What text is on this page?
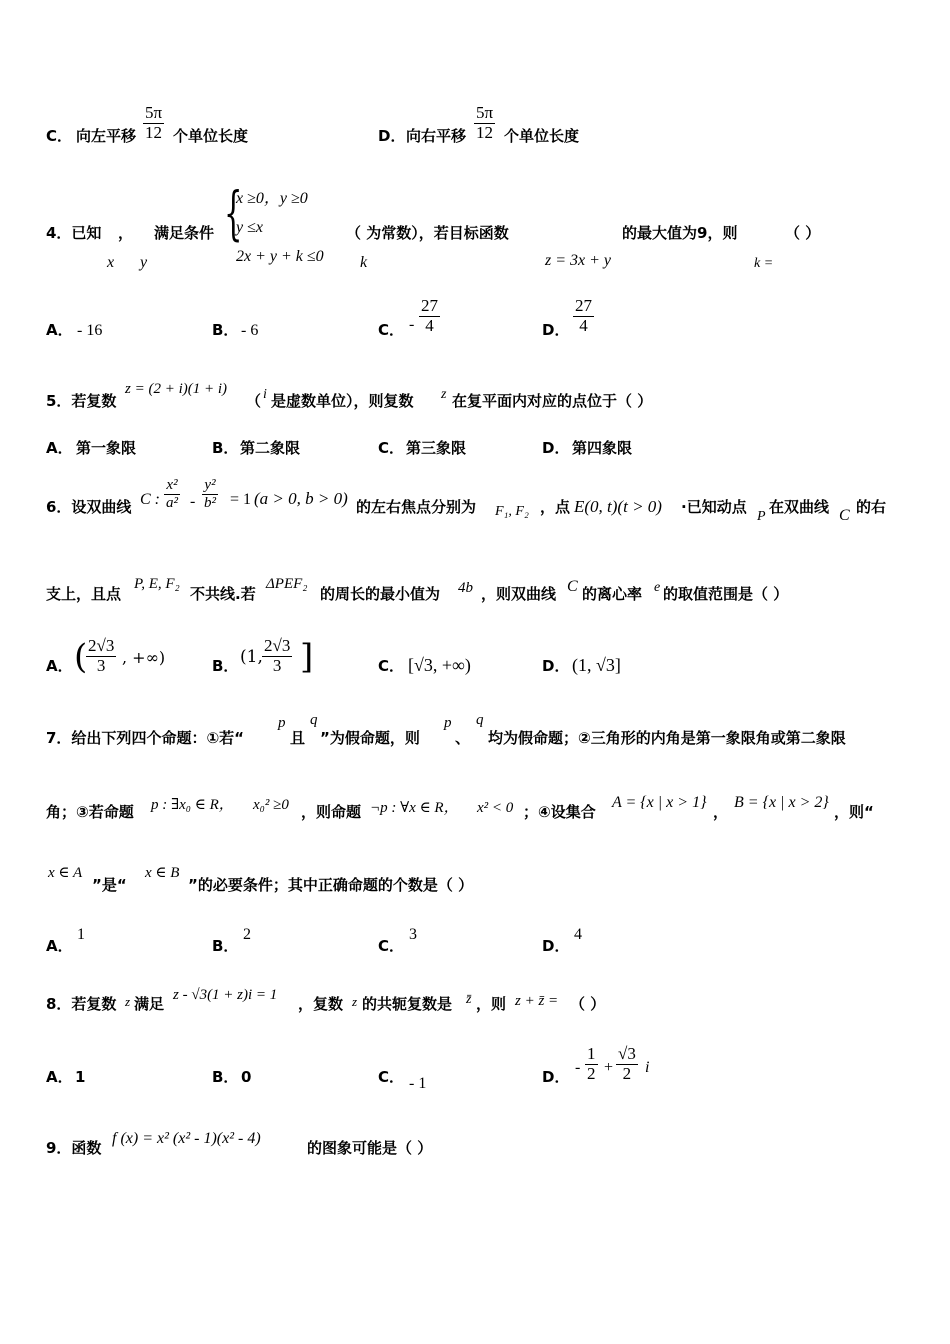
C． 向左平移 $\frac{5\pi}{12}$ 个单位长度	D． 向右平移 $\frac{5\pi}{12}$ 个单位长度
4．已知
x
，
y
满足条件 {
x ≥0，y ≥0
y ≤x
2x + y + k ≤0
（ 为常数），若目标函数
k	z = 3x + y
的最大值为9，则
k =
（ ）
A． - 16	B． - 6	C． - $\frac{27}{4}$	D． $\frac{27}{4}$
5．若复数
z = (2 + i)(1 + i)
（ i 是虚数单位），则复数 z 在复平面内对应的点位于（ ）
A． 第一象限	B． 第二象限	C． 第三象限	D． 第四象限
6．设双曲线 C : $\frac{\text{x²}}{\text{a²}} - \frac{\text{y²}}{\text{b²}} = 1$ (a > 0, b > 0) 的左右焦点分别为 F₁, F₂ ，点 E(0, t)(t > 0) ·已知动点
P
在双曲线 C 的右
支上，且点
P, E, F₂
不共线.若
ΔPEF₂
的周长的最小值为 4b ，则双曲线 C 的离心率 e 的取值范围是（ ）
A． (
$\frac{2√3}{3}$ , +∞)	B． (1, $\frac{2√3}{3}$ ]	C． [√3, +∞)	D． (1, √3]
7．给出下列四个命题：①若“
p
且
q
”为假命题，则
p
、
q
均为假命题；②三角形的内角是第一象限角或第二象限
角；③若命题 p : ∃x₀ ∈ R， x₀² ≥0 ，则命题 ¬p : ∀x ∈ R， x² < 0 ；④设集合
A = {x | x > 1}
，
B = {x | x > 2}
，则“
x ∈ A
”是“
x ∈ B
”的必要条件；其中正确命题的个数是（ ）
A．
1
B．
2
C．
3
D．
4
8．若复数 z 满足 z - √3(1 + z)i = 1 ，复数 z 的共轭复数是 z̄ ，则 z + z̄ = （ ）
A． 1	B． 0	C． - 1	D．
- $\frac{1}{2} + \frac{√3}{2}$ i
9．函数
f (x) = x² (x² - 1)(x² - 4)
的图象可能是（ ）
